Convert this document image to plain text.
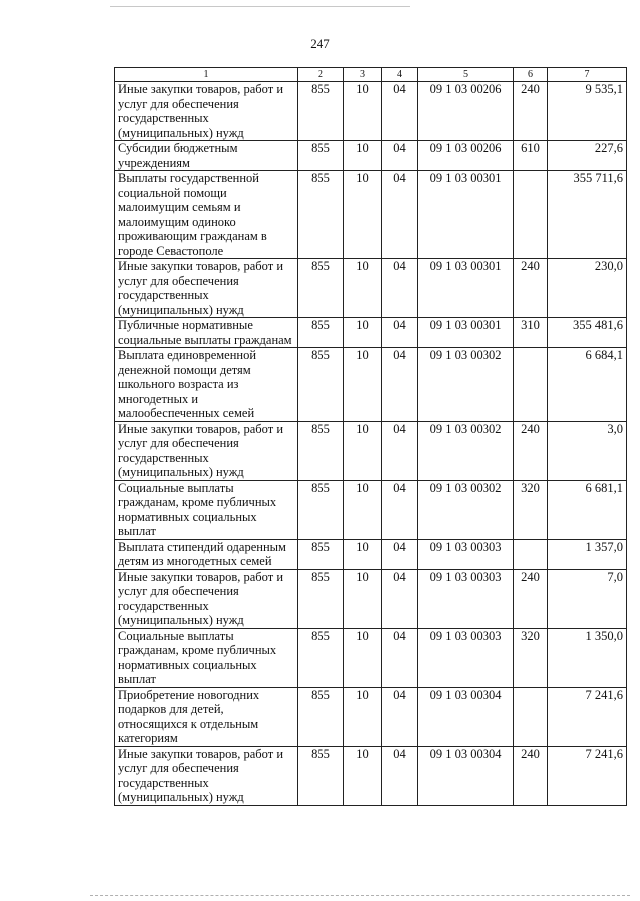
247
1	2	3	4	5	6	7
Иные закупки товаров, работ и услуг для обеспечения государственных (муниципальных) нужд	855	10	04	09 1 03 00206	240	9 535,1
Субсидии бюджетным учреждениям	855	10	04	09 1 03 00206	610	227,6
Выплаты государственной социальной помощи малоимущим семьям и малоимущим одиноко проживающим гражданам в городе Севастополе	855	10	04	09 1 03 00301		355 711,6
Иные закупки товаров, работ и услуг для обеспечения государственных (муниципальных) нужд	855	10	04	09 1 03 00301	240	230,0
Публичные нормативные социальные выплаты гражданам	855	10	04	09 1 03 00301	310	355 481,6
Выплата единовременной денежной помощи детям школьного возраста из многодетных и малообеспеченных семей	855	10	04	09 1 03 00302		6 684,1
Иные закупки товаров, работ и услуг для обеспечения государственных (муниципальных) нужд	855	10	04	09 1 03 00302	240	3,0
Социальные выплаты гражданам, кроме публичных нормативных социальных выплат	855	10	04	09 1 03 00302	320	6 681,1
Выплата стипендий одаренным детям из многодетных семей	855	10	04	09 1 03 00303		1 357,0
Иные закупки товаров, работ и услуг для обеспечения государственных (муниципальных) нужд	855	10	04	09 1 03 00303	240	7,0
Социальные выплаты гражданам, кроме публичных нормативных социальных выплат	855	10	04	09 1 03 00303	320	1 350,0
Приобретение новогодних подарков для детей, относящихся к отдельным категориям	855	10	04	09 1 03 00304		7 241,6
Иные закупки товаров, работ и услуг для обеспечения государственных (муниципальных) нужд	855	10	04	09 1 03 00304	240	7 241,6
